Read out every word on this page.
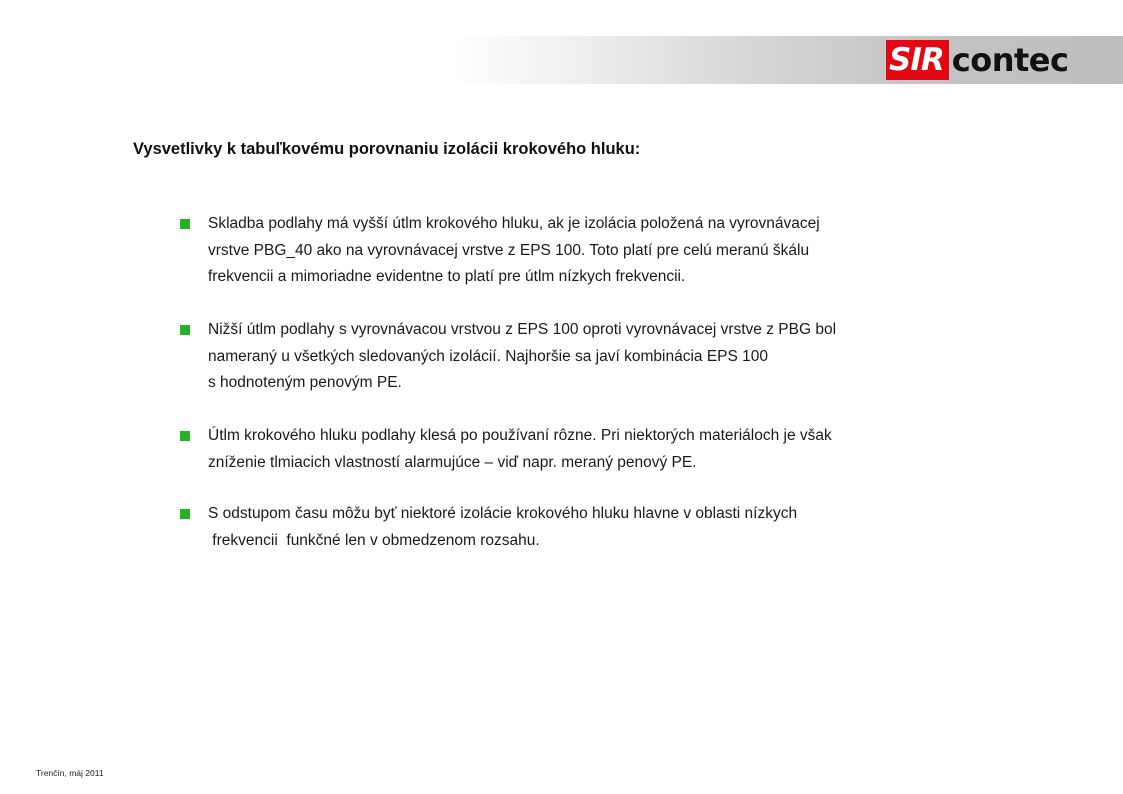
SIR contec
Vysvetlivky k tabuľkovému porovnaniu izolácii krokového hluku:
Skladba podlahy má vyšší útlm krokového hluku, ak je izolácia položená na vyrovnávacej
vrstve PBG_40 ako na vyrovnávacej vrstve z EPS 100. Toto platí pre celú meranú škálu
frekvencii a mimoriadne evidentne to platí pre útlm nízkych frekvencii.
Nižší útlm podlahy s vyrovnávacou vrstvou z EPS 100 oproti vyrovnávacej vrstve z PBG bol
nameraný u všetkých sledovaných izolácií. Najhoršie sa javí kombinácia EPS 100
s hodnoteným penovým PE.
Útlm krokového hluku podlahy klesá po používaní rôzne. Pri niektorých materiáloch je však
zníženie tlmiacich vlastností alarmujúce – viď napr. meraný penový PE.
S odstupom času môžu byť niektoré izolácie krokového hluku hlavne v oblasti nízkych
frekvencii  funkčné len v obmedzenom rozsahu.
Trenčín, máj 2011
